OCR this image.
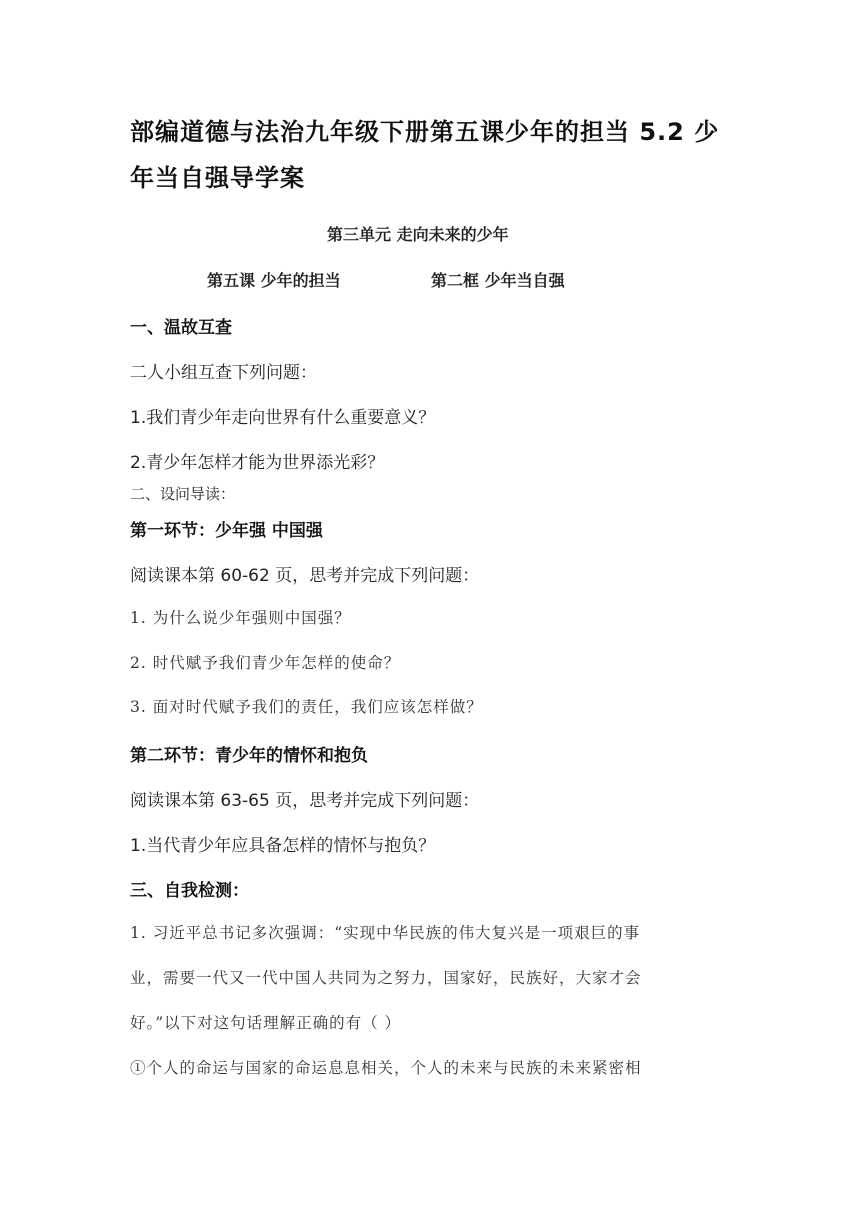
部编道德与法治九年级下册第五课少年的担当 5.2 少
年当自强导学案
第三单元 走向未来的少年
第五课 少年的担当	第二框 少年当自强
一、温故互查
二人小组互查下列问题：
1.我们青少年走向世界有什么重要意义？
2.青少年怎样才能为世界添光彩？
二、设问导读：
第一环节：少年强 中国强
阅读课本第 60-62 页，思考并完成下列问题：
1. 为什么说少年强则中国强？
2. 时代赋予我们青少年怎样的使命？
3. 面对时代赋予我们的责任，我们应该怎样做？
第二环节：青少年的情怀和抱负
阅读课本第 63-65 页，思考并完成下列问题：
1.当代青少年应具备怎样的情怀与抱负？
三、自我检测：
1. 习近平总书记多次强调：“实现中华民族的伟大复兴是一项艰巨的事
业，需要一代又一代中国人共同为之努力，国家好，民族好，大家才会
好。”以下对这句话理解正确的有（ ）
①个人的命运与国家的命运息息相关，个人的未来与民族的未来紧密相
